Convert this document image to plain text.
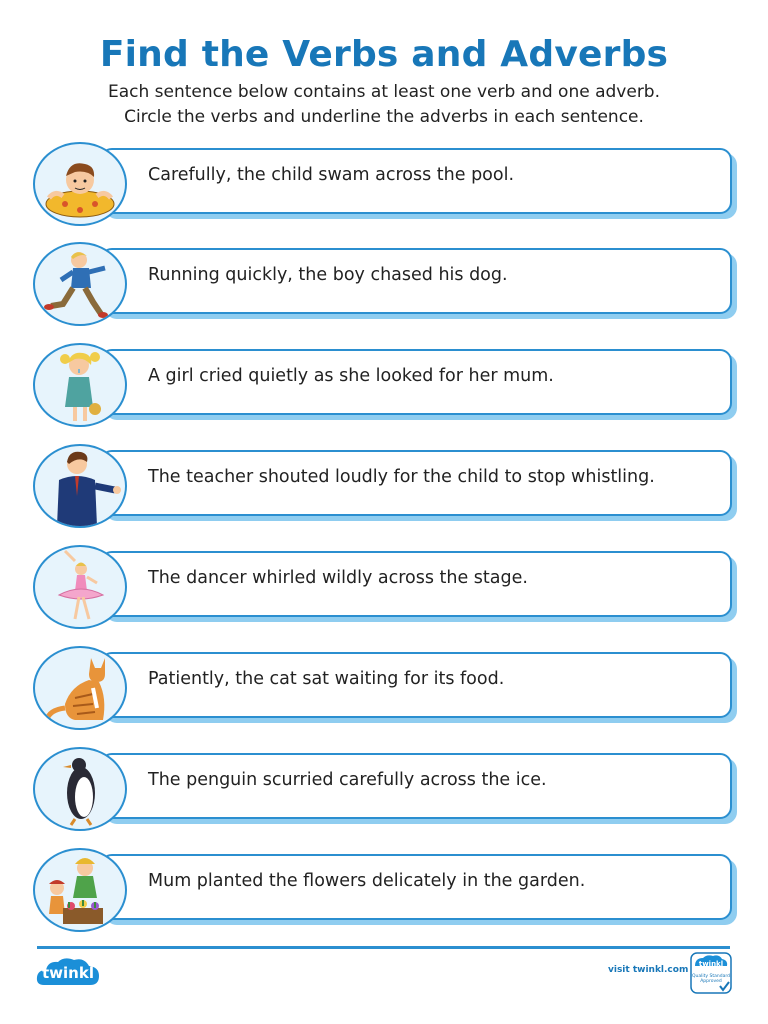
Find the Verbs and Adverbs
Each sentence below contains at least one verb and one adverb.
Circle the verbs and underline the adverbs in each sentence.
Carefully, the child swam across the pool.
Running quickly, the boy chased his dog.
A girl cried quietly as she looked for her mum.
The teacher shouted loudly for the child to stop whistling.
The dancer whirled wildly across the stage.
Patiently, the cat sat waiting for its food.
The penguin scurried carefully across the ice.
Mum planted the flowers delicately in the garden.
twinkl	visit twinkl.com
twinkl
Quality Standard Approved
